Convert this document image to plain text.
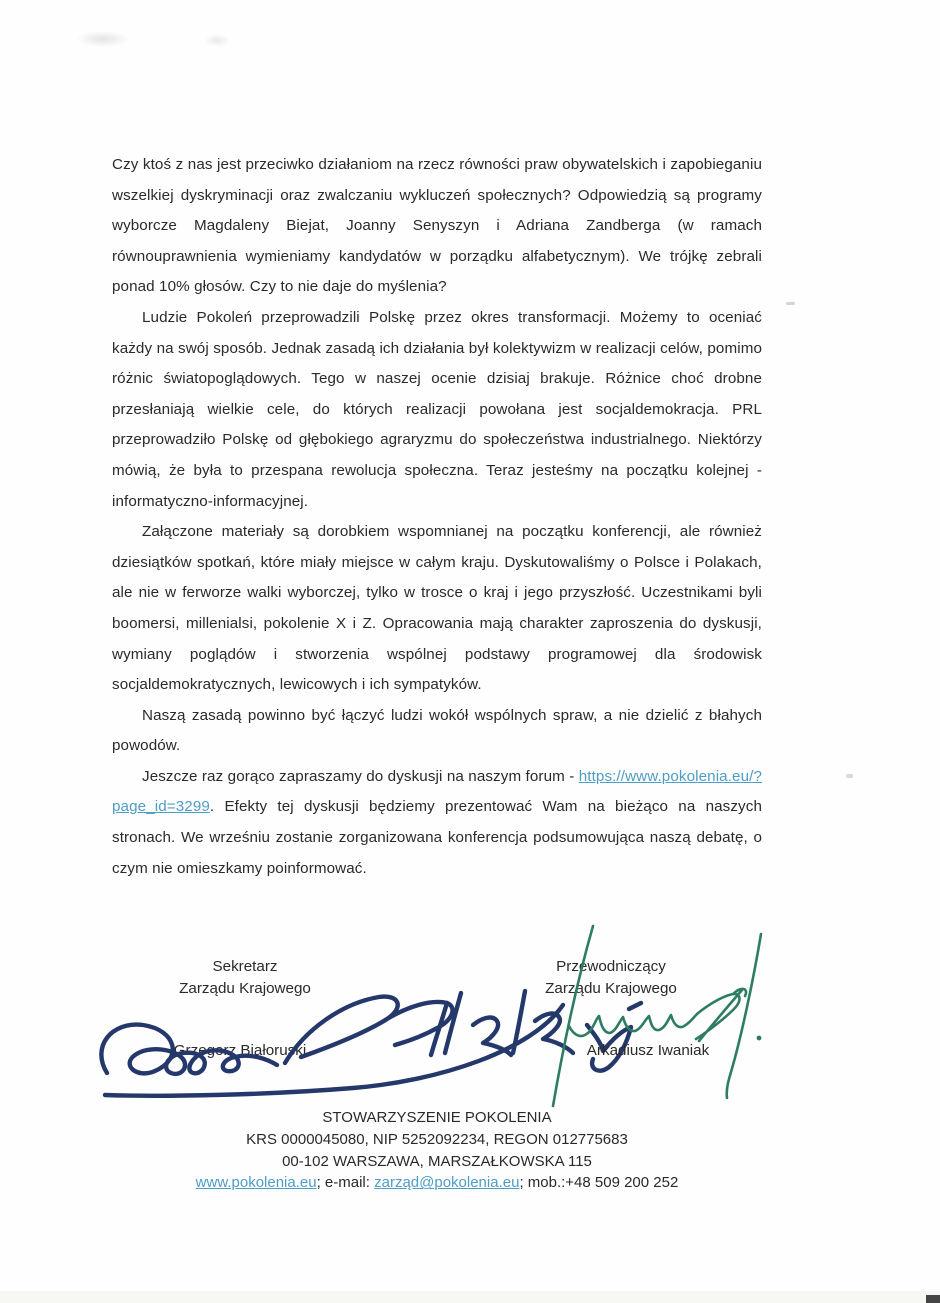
Czy ktoś z nas jest przeciwko działaniom na rzecz równości praw obywatelskich i zapobieganiu wszelkiej dyskryminacji oraz zwalczaniu wykluczeń społecznych? Odpowiedzią są programy wyborcze Magdaleny Biejat, Joanny Senyszyn i Adriana Zandberga (w ramach równouprawnienia wymieniamy kandydatów w porządku alfabetycznym). We trójkę zebrali ponad 10% głosów. Czy to nie daje do myślenia?

Ludzie Pokoleń przeprowadzili Polskę przez okres transformacji. Możemy to oceniać każdy na swój sposób. Jednak zasadą ich działania był kolektywizm w realizacji celów, pomimo różnic światopoglądowych. Tego w naszej ocenie dzisiaj brakuje. Różnice choć drobne przesłaniają wielkie cele, do których realizacji powołana jest socjaldemokracja. PRL przeprowadziło Polskę od głębokiego agraryzmu do społeczeństwa industrialnego. Niektórzy mówią, że była to przespana rewolucja społeczna. Teraz jesteśmy na początku kolejnej - informatyczno-informacyjnej.

Załączone materiały są dorobkiem wspomnianej na początku konferencji, ale również dziesiątków spotkań, które miały miejsce w całym kraju. Dyskutowaliśmy o Polsce i Polakach, ale nie w ferworze walki wyborczej, tylko w trosce o kraj i jego przyszłość. Uczestnikami byli boomersi, millenialsi, pokolenie X i Z. Opracowania mają charakter zaproszenia do dyskusji, wymiany poglądów i stworzenia wspólnej podstawy programowej dla środowisk socjaldemokratycznych, lewicowych i ich sympatyków.

Naszą zasadą powinno być łączyć ludzi wokół wspólnych spraw, a nie dzielić z błahych powodów.

Jeszcze raz gorąco zapraszamy do dyskusji na naszym forum - https://www.pokolenia.eu/?page_id=3299. Efekty tej dyskusji będziemy prezentować Wam na bieżąco na naszych stronach. We wrześniu zostanie zorganizowana konferencja podsumowująca naszą debatę, o czym nie omieszkamy poinformować.

Sekretarz
Zarządu Krajowego
Grzegorz Białoruski
Przewodniczący
Zarządu Krajowego
Arkadiusz Iwaniak

STOWARZYSZENIE POKOLENIA

KRS 0000045080, NIP 5252092234, REGON 012775683

00-102 WARSZAWA, MARSZAŁKOWSKA 115

www.pokolenia.eu; e-mail: zarząd@pokolenia.eu; mob.:+48 509 200 252
